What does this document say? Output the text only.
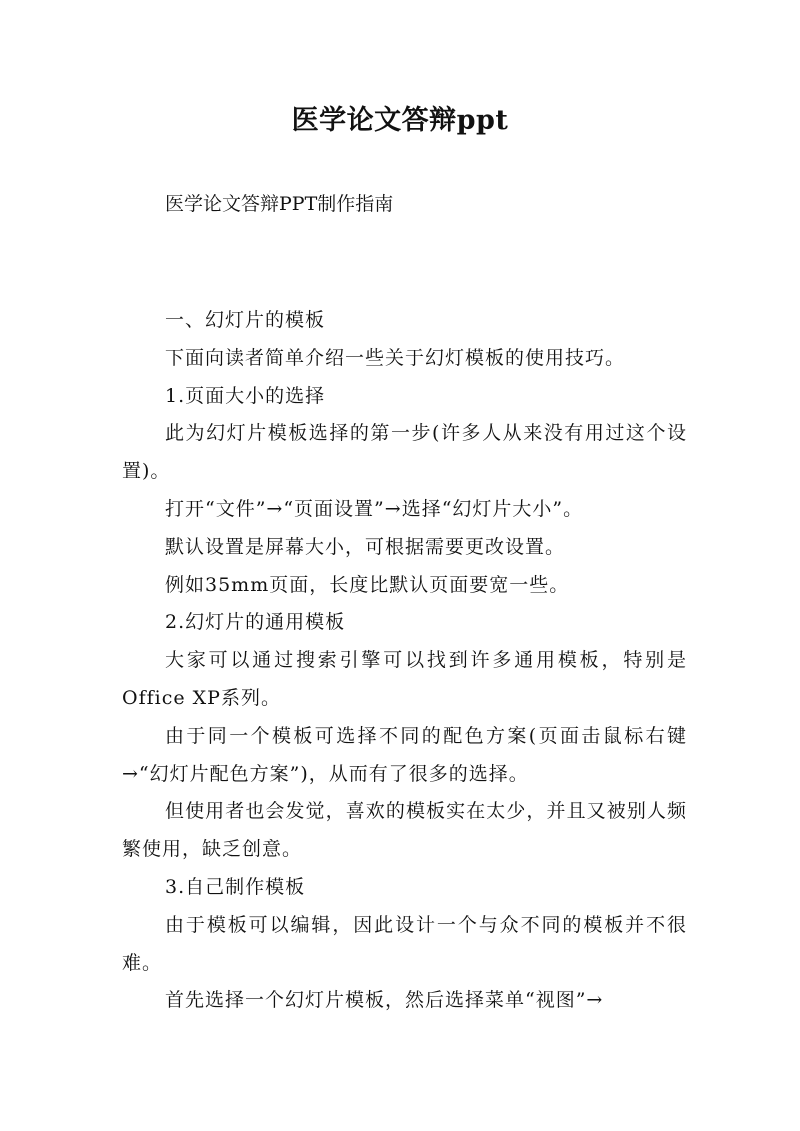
医学论文答辩ppt
医学论文答辩PPT制作指南

一、幻灯片的模板

下面向读者简单介绍一些关于幻灯模板的使用技巧。

1.页面大小的选择

此为幻灯片模板选择的第一步(许多人从来没有用过这个设置)。

打开“文件”→“页面设置”→选择“幻灯片大小”。

默认设置是屏幕大小，可根据需要更改设置。

例如35mm页面，长度比默认页面要宽一些。

2.幻灯片的通用模板

大家可以通过搜索引擎可以找到许多通用模板，特别是Office XP系列。

由于同一个模板可选择不同的配色方案(页面击鼠标右键→“幻灯片配色方案”)，从而有了很多的选择。

但使用者也会发觉，喜欢的模板实在太少，并且又被别人频繁使用，缺乏创意。

3.自己制作模板

由于模板可以编辑，因此设计一个与众不同的模板并不很难。

首先选择一个幻灯片模板，然后选择菜单“视图”→
